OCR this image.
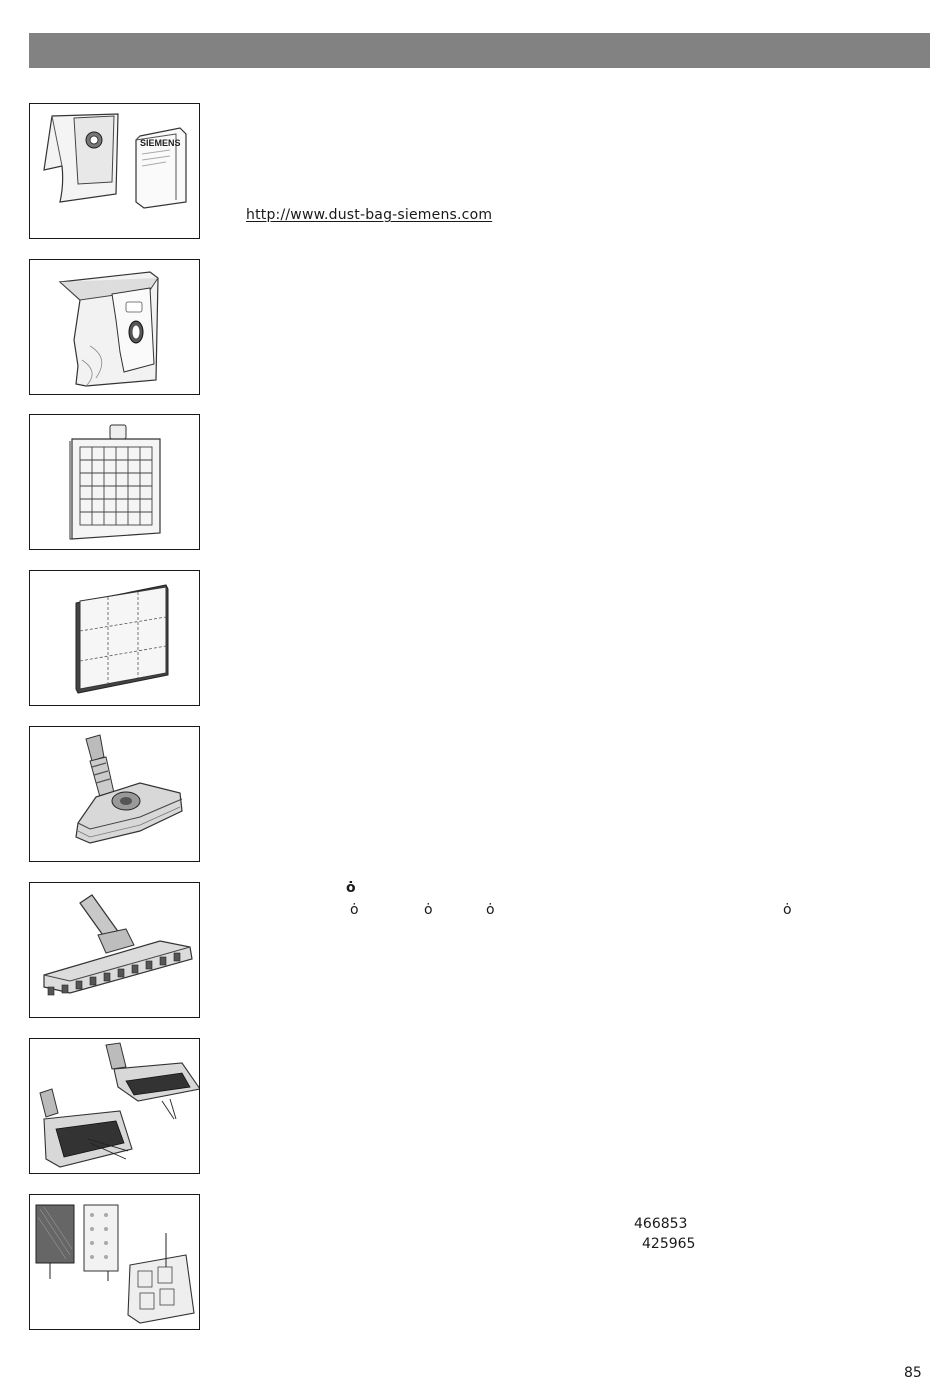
SIEMENS
http://www.dust-bag-siemens.com
ȯ
ȯ	ȯ	ȯ	ȯ
466853
425965
85
